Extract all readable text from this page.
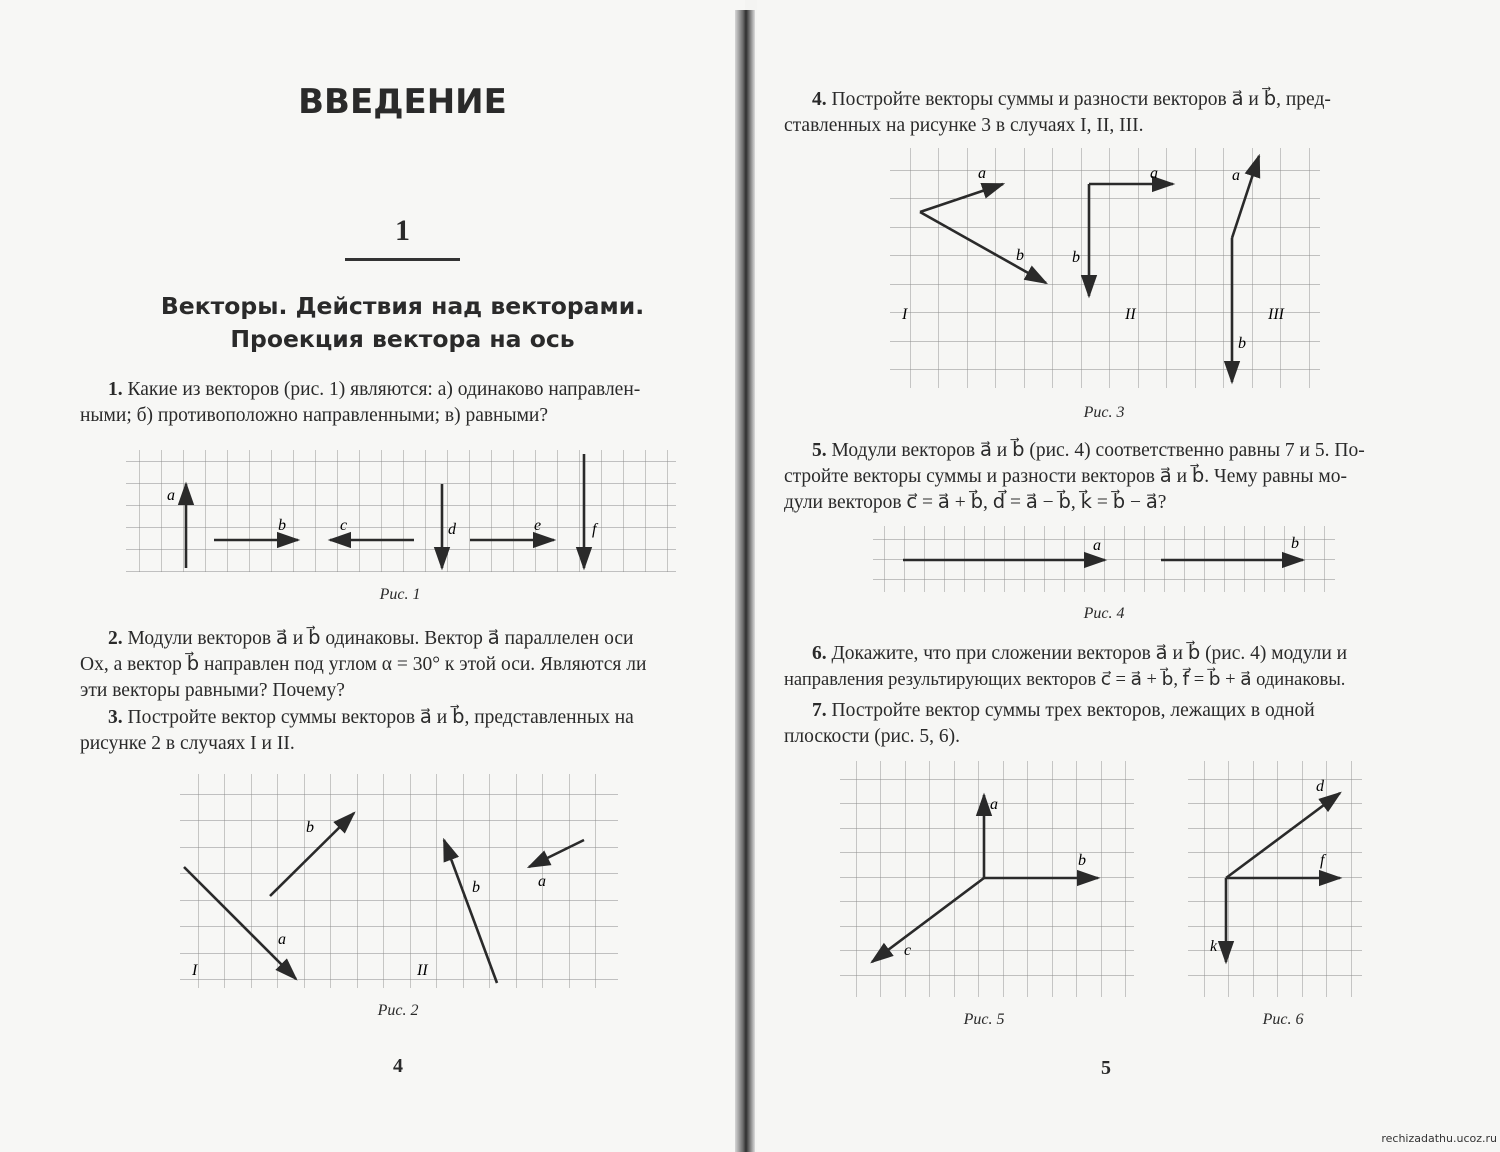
ВВЕДЕНИЕ
1
Векторы. Действия над векторами.
Проекция вектора на ось
1. Какие из векторов (рис. 1) являются: а) одинаково направлен-
ными; б) противоположно направленными; в) равными?
a⃗
b⃗	c⃗	d⃗	e⃗ f⃗
Рис. 1
2. Модули векторов a⃗ и b⃗ одинаковы. Вектор a⃗ параллелен оси
Ox, а вектор b⃗ направлен под углом α = 30° к этой оси. Являются ли
эти векторы равными? Почему?
3. Постройте вектор суммы векторов a⃗ и b⃗, представленных на
рисунке 2 в случаях I и II.
a⃗
b⃗
b⃗	a⃗
I	II
Рис. 2
4
4. Постройте векторы суммы и разности векторов a⃗ и b⃗, пред-
ставленных на рисунке 3 в случаях I, II, III.
a⃗
b⃗
a⃗
b⃗
a⃗
b⃗
I	II	III
Рис. 3
5. Модули векторов a⃗ и b⃗ (рис. 4) соответственно равны 7 и 5. По-
стройте векторы суммы и разности векторов a⃗ и b⃗. Чему равны мо-
дули векторов c⃗ = a⃗ + b⃗, d⃗ = a⃗ − b⃗, k⃗ = b⃗ − a⃗?
a⃗	b⃗
Рис. 4
6. Докажите, что при сложении векторов a⃗ и b⃗ (рис. 4) модули и
направления результирующих векторов c⃗ = a⃗ + b⃗, f⃗ = b⃗ + a⃗ одинаковы.
7. Постройте вектор суммы трех векторов, лежащих в одной
плоскости (рис. 5, 6).
a⃗
b⃗
c⃗
Рис. 5
d⃗
f⃗
k⃗
Рис. 6
5
rechizadathu.ucoz.ru
